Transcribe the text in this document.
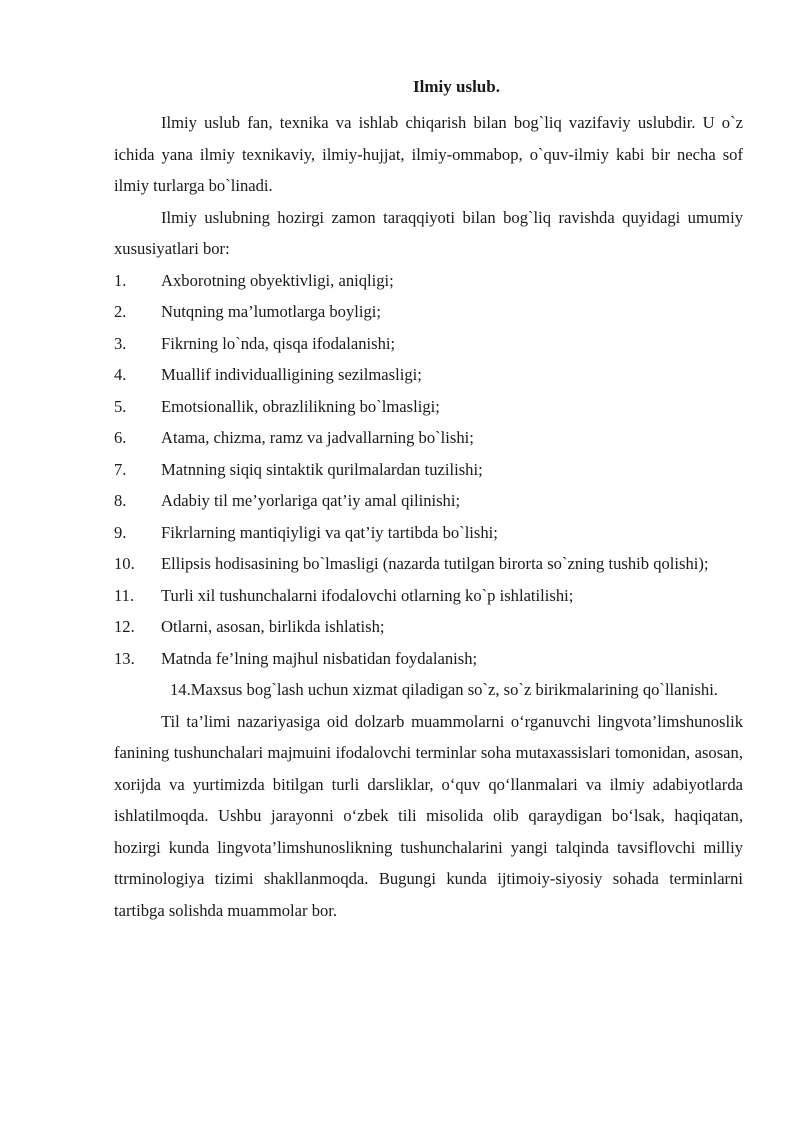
Ilmiy uslub.

Ilmiy uslub fan, texnika va ishlab chiqarish bilan bog`liq vazifaviy uslubdir. U o`z ichida yana ilmiy texnikaviy, ilmiy-hujjat, ilmiy-ommabop, o`quv-ilmiy kabi bir necha sof ilmiy turlarga bo`linadi.

Ilmiy uslubning hozirgi zamon taraqqiyoti bilan bog`liq ravishda quyidagi umumiy xususiyatlari bor:

1.	Axborotning obyektivligi, aniqligi;
2.	Nutqning ma’lumotlarga boyligi;
3.	Fikrning lo`nda, qisqa ifodalanishi;
4.	Muallif individualligining sezilmasligi;
5.	Emotsionallik, obrazlilikning bo`lmasligi;
6.	Atama, chizma, ramz va jadvallarning bo`lishi;
7.	Matnning siqiq sintaktik qurilmalardan tuzilishi;
8.	Adabiy til me’yorlariga qat’iy amal qilinishi;
9.	Fikrlarning mantiqiyligi va qat’iy tartibda bo`lishi;
10. Ellipsis hodisasining bo`lmasligi (nazarda tutilgan birorta so`zning tushib qolishi);
11.	Turli xil tushunchalarni ifodalovchi otlarning ko`p ishlatilishi;
12.	Otlarni, asosan, birlikda ishlatish;
13.	Matnda fe’lning majhul nisbatidan foydalanish;

14.Maxsus bog`lash uchun xizmat qiladigan so`z, so`z birikmalarining qo`llanishi.

Til ta’limi nazariyasiga oid dolzarb muammolarni o‘rganuvchi lingvota’limshunoslik fanining tushunchalari majmuini ifodalovchi terminlar soha mutaxassislari tomonidan, asosan, xorijda va yurtimizda bitilgan turli darsliklar, o‘quv qo‘llanmalari va ilmiy adabiyotlarda ishlatilmoqda. Ushbu jarayonni o‘zbek tili misolida olib qaraydigan bo‘lsak, haqiqatan, hozirgi kunda lingvota’limshunoslikning tushunchalarini yangi talqinda tavsiflovchi milliy ttrminologiya tizimi shakllanmoqda. Bugungi kunda ijtimoiy-siyosiy sohada terminlarni tartibga solishda muammolar bor.
